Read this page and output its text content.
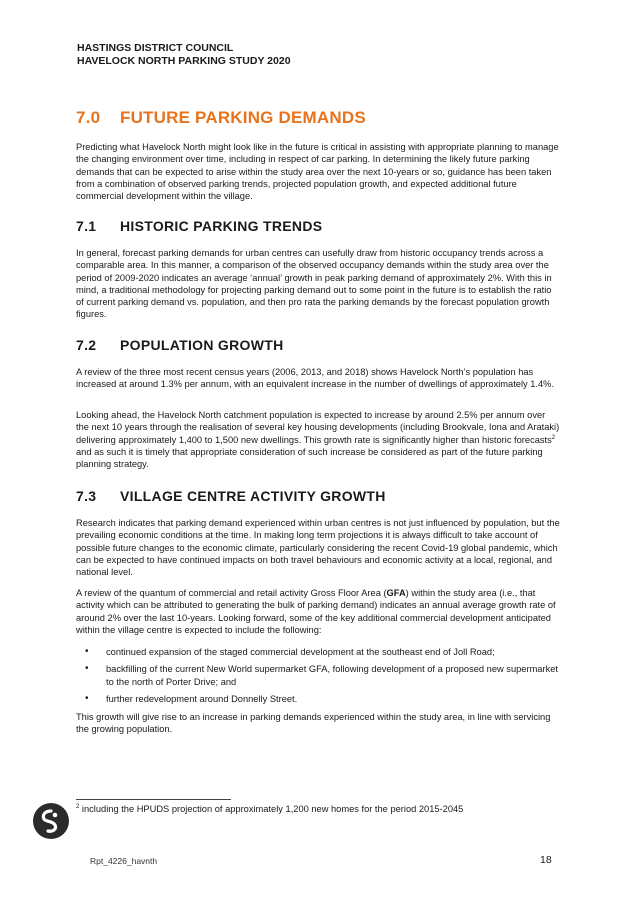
HASTINGS DISTRICT COUNCIL
HAVELOCK NORTH PARKING STUDY 2020
7.0 FUTURE PARKING DEMANDS

Predicting what Havelock North might look like in the future is critical in assisting with appropriate planning to manage the changing environment over time, including in respect of car parking. In determining the likely future parking demands that can be expected to arise within the study area over the next 10-years or so, guidance has been taken from a combination of observed parking trends, projected population growth, and expected additional future commercial development within the village.

7.1 HISTORIC PARKING TRENDS

In general, forecast parking demands for urban centres can usefully draw from historic occupancy trends across a comparable area. In this manner, a comparison of the observed occupancy demands within the study area over the period of 2009-2020 indicates an average ‘annual’ growth in peak parking demand of approximately 2%. With this in mind, a traditional methodology for projecting parking demand out to some point in the future is to establish the ratio of current parking demand vs. population, and then pro rata the parking demands by the forecast population growth figures.

7.2 POPULATION GROWTH

A review of the three most recent census years (2006, 2013, and 2018) shows Havelock North’s population has increased at around 1.3% per annum, with an equivalent increase in the number of dwellings of approximately 1.4%.

Looking ahead, the Havelock North catchment population is expected to increase by around 2.5% per annum over the next 10 years through the realisation of several key housing developments (including Brookvale, Iona and Arataki) delivering approximately 1,400 to 1,500 new dwellings. This growth rate is significantly higher than historic forecasts$^2$ and as such it is timely that appropriate consideration of such increase be considered as part of the future parking planning strategy.

7.3 VILLAGE CENTRE ACTIVITY GROWTH

Research indicates that parking demand experienced within urban centres is not just influenced by population, but the prevailing economic conditions at the time. In making long term projections it is always difficult to take account of possible future changes to the economic climate, particularly considering the recent Covid-19 global pandemic, which can be expected to have continued impacts on both travel behaviours and economic activity at a local, regional, and national level.

A review of the quantum of commercial and retail activity Gross Floor Area (GFA) within the study area (i.e., that activity which can be attributed to generating the bulk of parking demand) indicates an annual average growth rate of around 2% over the last 10-years. Looking forward, some of the key additional commercial development anticipated within the village centre is expected to include the following:

• continued expansion of the staged commercial development at the southeast end of Joll Road;
• backfilling of the current New World supermarket GFA, following development of a proposed new supermarket to the north of Porter Drive; and
• further redevelopment around Donnelly Street.

This growth will give rise to an increase in parking demands experienced within the study area, in line with servicing the growing population.

$^2$ including the HPUDS projection of approximately 1,200 new homes for the period 2015-2045
Rpt_4226_havnth	18
